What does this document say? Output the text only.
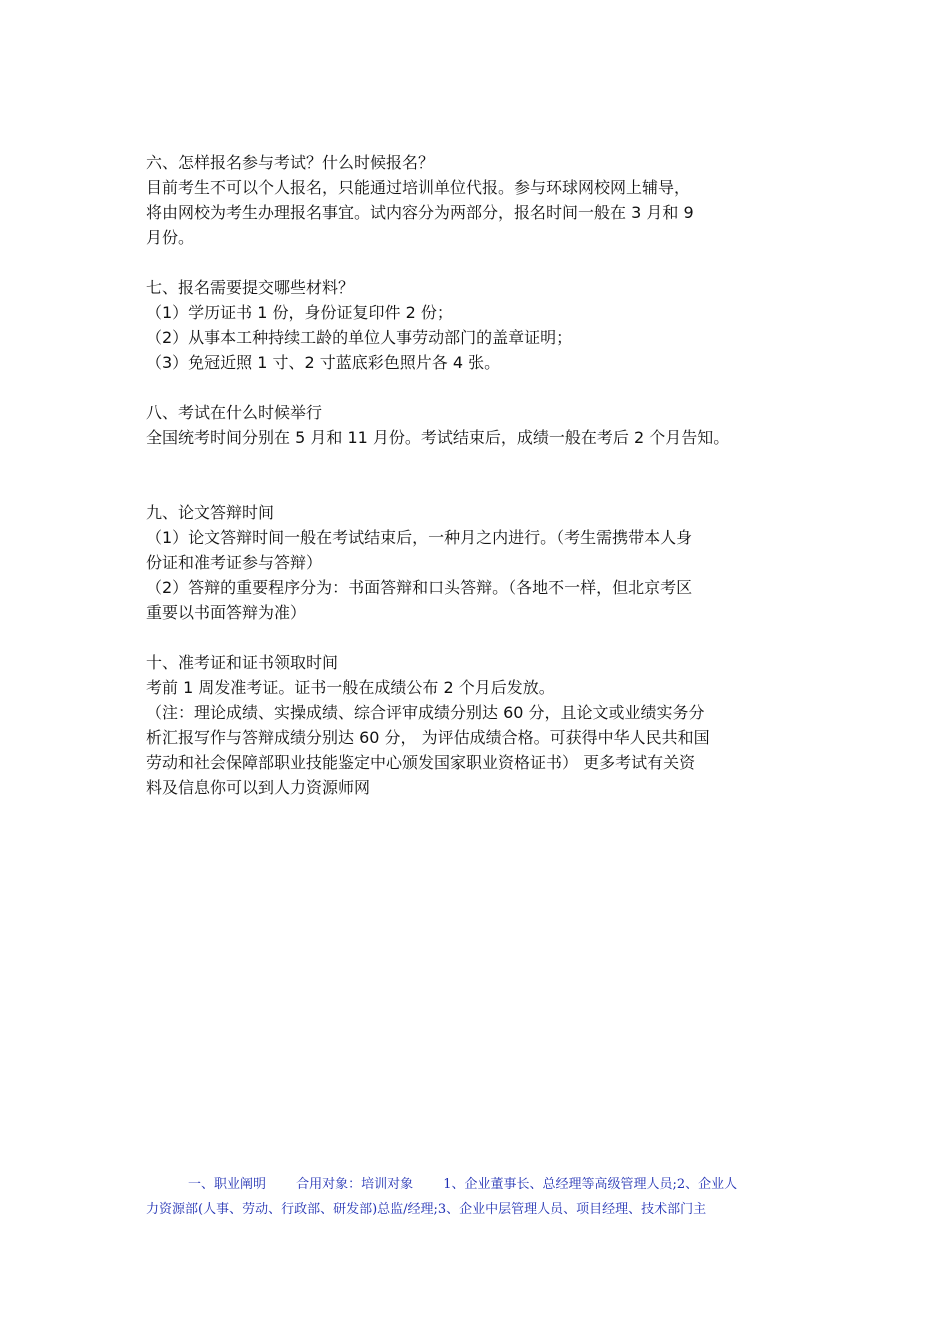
六、怎样报名参与考试？什么时候报名？
目前考生不可以个人报名，只能通过培训单位代报。参与环球网校网上辅导，
将由网校为考生办理报名事宜。试内容分为两部分，报名时间一般在 3 月和 9
月份。
七、报名需要提交哪些材料？
（1）学历证书 1 份，身份证复印件 2 份；
（2）从事本工种持续工龄的单位人事劳动部门的盖章证明；
（3）免冠近照 1 寸、2 寸蓝底彩色照片各 4 张。
八、考试在什么时候举行
全国统考时间分别在 5 月和 11 月份。考试结束后，成绩一般在考后 2 个月告知。
九、论文答辩时间
（1）论文答辩时间一般在考试结束后，一种月之内进行。（考生需携带本人身
份证和准考证参与答辩）
（2）答辩的重要程序分为：书面答辩和口头答辩。（各地不一样，但北京考区
重要以书面答辩为准）
十、准考证和证书领取时间
考前 1 周发准考证。证书一般在成绩公布 2 个月后发放。
（注：理论成绩、实操成绩、综合评审成绩分别达 60 分，且论文或业绩实务分
析汇报写作与答辩成绩分别达 60 分， 为评估成绩合格。可获得中华人民共和国
劳动和社会保障部职业技能鉴定中心颁发国家职业资格证书） 更多考试有关资
料及信息你可以到人力资源师网
一、职业阐明　　 合用对象：培训对象　　 1、企业董事长、总经理等高级管理人员;2、企业人
力资源部(人事、劳动、行政部、研发部)总监/经理;3、企业中层管理人员、项目经理、技术部门主
